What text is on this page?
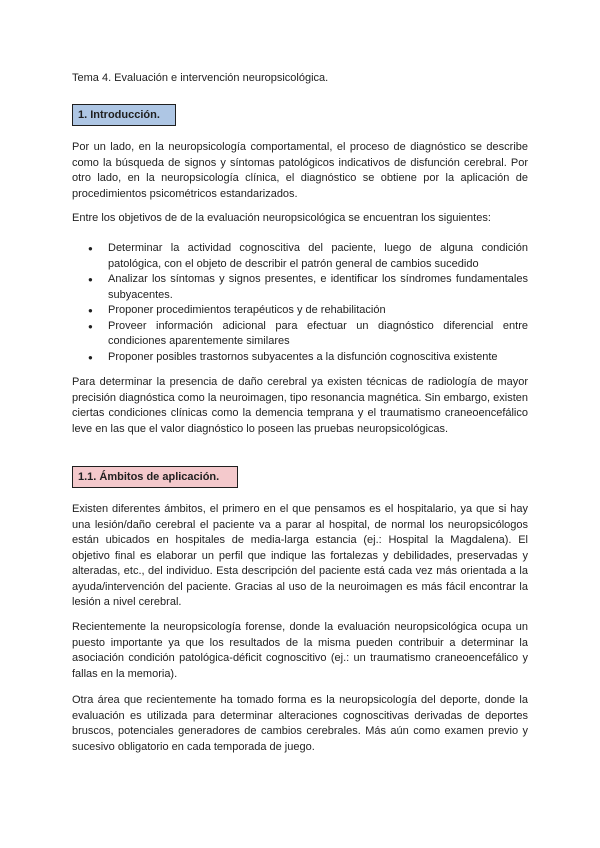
Tema 4. Evaluación e intervención neuropsicológica.
1. Introducción.

Por un lado, en la neuropsicología comportamental, el proceso de diagnóstico se describe como la búsqueda de signos y síntomas patológicos indicativos de disfunción cerebral. Por otro lado, en la neuropsicología clínica, el diagnóstico se obtiene por la aplicación de procedimientos psicométricos estandarizados.

Entre los objetivos de de la evaluación neuropsicológica se encuentran los siguientes:

● Determinar la actividad cognoscitiva del paciente, luego de alguna condición patológica, con el objeto de describir el patrón general de cambios sucedido
● Analizar los síntomas y signos presentes, e identificar los síndromes fundamentales subyacentes.
● Proponer procedimientos terapéuticos y de rehabilitación
● Proveer información adicional para efectuar un diagnóstico diferencial entre condiciones aparentemente similares
● Proponer posibles trastornos subyacentes a la disfunción cognoscitiva existente

Para determinar la presencia de daño cerebral ya existen técnicas de radiología de mayor precisión diagnóstica como la neuroimagen, tipo resonancia magnética. Sin embargo, existen ciertas condiciones clínicas como la demencia temprana y el traumatismo craneoencefálico leve en las que el valor diagnóstico lo poseen las pruebas neuropsicológicas.

1.1. Ámbitos de aplicación.

Existen diferentes ámbitos, el primero en el que pensamos es el hospitalario, ya que si hay una lesión/daño cerebral el paciente va a parar al hospital, de normal los neuropsicólogos están ubicados en hospitales de media-larga estancia (ej.: Hospital la Magdalena). El objetivo final es elaborar un perfil que indique las fortalezas y debilidades, preservadas y alteradas, etc., del individuo. Esta descripción del paciente está cada vez más orientada a la ayuda/intervención del paciente. Gracias al uso de la neuroimagen es más fácil encontrar la lesión a nivel cerebral.

Recientemente la neuropsicología forense, donde la evaluación neuropsicológica ocupa un puesto importante ya que los resultados de la misma pueden contribuir a determinar la asociación condición patológica-déficit cognoscitivo (ej.: un traumatismo craneoencefálico y fallas en la memoria).

Otra área que recientemente ha tomado forma es la neuropsicología del deporte, donde la evaluación es utilizada para determinar alteraciones cognoscitivas derivadas de deportes bruscos, potenciales generadores de cambios cerebrales. Más aún como examen previo y sucesivo obligatorio en cada temporada de juego.
